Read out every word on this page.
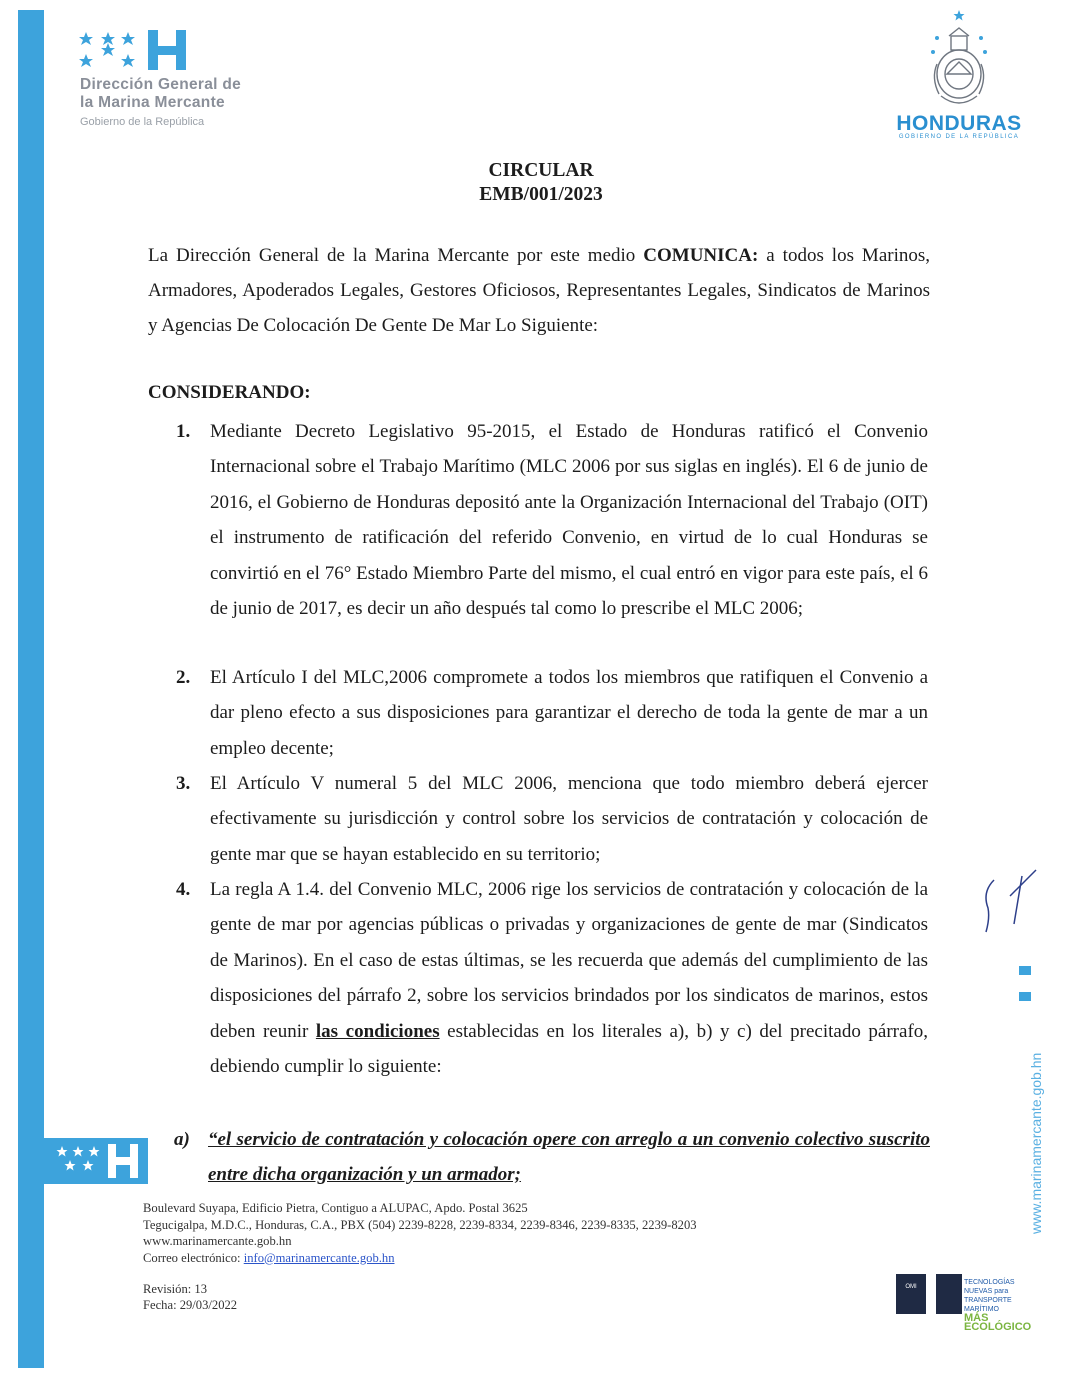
Dirección General de
la Marina Mercante
Gobierno de la República	HONDURAS
GOBIERNO DE LA REPÚBLICA
CIRCULAR
EMB/001/2023
La Dirección General de la Marina Mercante por este medio COMUNICA: a todos los Marinos, Armadores, Apoderados Legales, Gestores Oficiosos, Representantes Legales, Sindicatos de Marinos y Agencias De Colocación De Gente De Mar Lo Siguiente:
CONSIDERANDO:
1.	Mediante Decreto Legislativo 95-2015, el Estado de Honduras ratificó el Convenio Internacional sobre el Trabajo Marítimo (MLC 2006 por sus siglas en inglés). El 6 de junio de 2016, el Gobierno de Honduras depositó ante la Organización Internacional del Trabajo (OIT) el instrumento de ratificación del referido Convenio, en virtud de lo cual Honduras se convirtió en el 76° Estado Miembro Parte del mismo, el cual entró en vigor para este país, el 6 de junio de 2017, es decir un año después tal como lo prescribe el MLC 2006;
2.	El Artículo I del MLC,2006 compromete a todos los miembros que ratifiquen el Convenio a dar pleno efecto a sus disposiciones para garantizar el derecho de toda la gente de mar a un empleo decente;
3.	El Artículo V numeral 5 del MLC 2006, menciona que todo miembro deberá ejercer efectivamente su jurisdicción y control sobre los servicios de contratación y colocación de gente mar que se hayan establecido en su territorio;
4.	La regla A 1.4. del Convenio MLC, 2006 rige los servicios de contratación y colocación de la gente de mar por agencias públicas o privadas y organizaciones de gente de mar (Sindicatos de Marinos). En el caso de estas últimas, se les recuerda que además del cumplimiento de las disposiciones del párrafo 2, sobre los servicios brindados por los sindicatos de marinos, estos deben reunir las condiciones establecidas en los literales a), b) y c) del precitado párrafo, debiendo cumplir lo siguiente:	www.marinamercante.gob.hn
a) “el servicio de contratación y colocación opere con arreglo a un convenio colectivo suscrito entre dicha organización y un armador;
Boulevard Suyapa, Edificio Pietra, Contiguo a ALUPAC, Apdo. Postal 3625
Tegucigalpa, M.D.C., Honduras, C.A., PBX (504) 2239-8228, 2239-8334, 2239-8346, 2239-8335, 2239-8203
www.marinamercante.gob.hn
Correo electrónico: info@marinamercante.gob.hn
Revisión: 13
Fecha: 29/03/2022
OMI
TECNOLOGÍAS NUEVAS para
TRANSPORTE MARÍTIMO
MÁS ECOLÓGICO
